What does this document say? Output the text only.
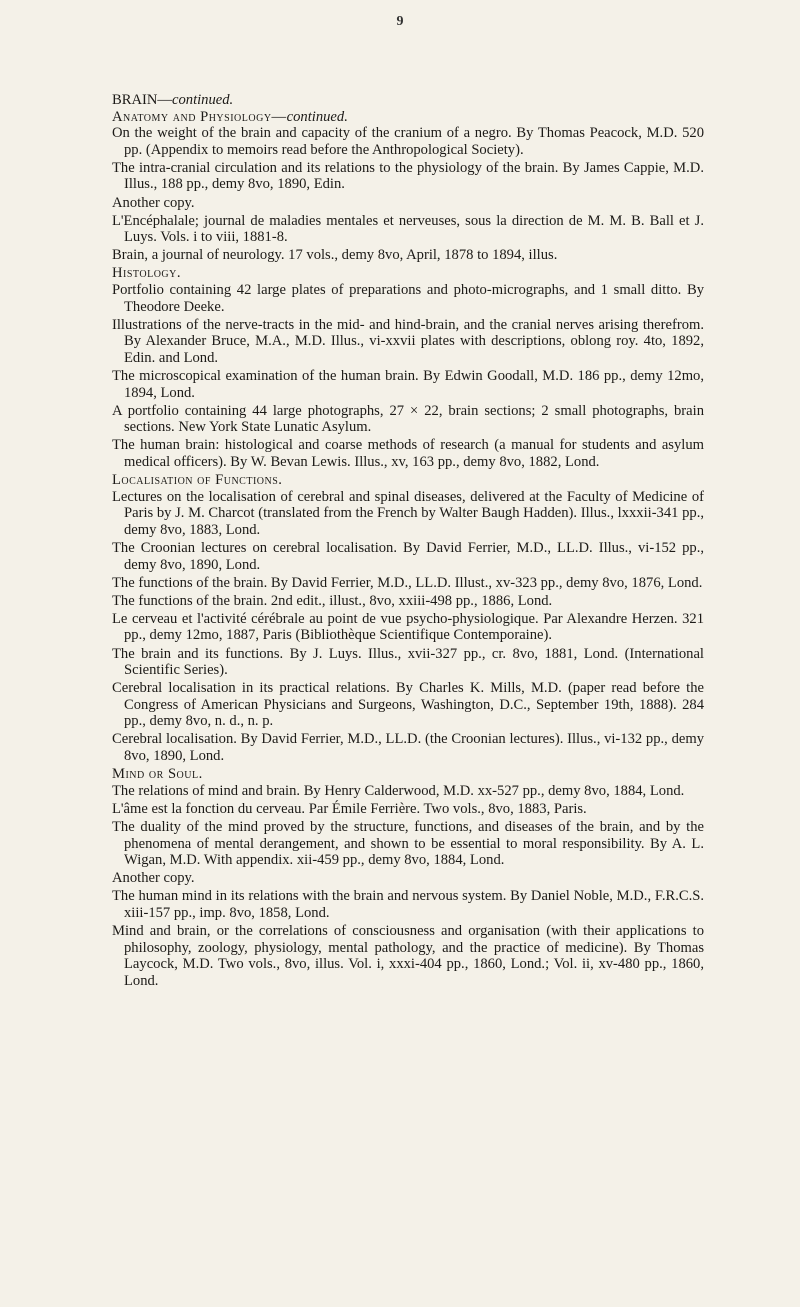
9
BRAIN—continued.
Anatomy and Physiology—continued.
On the weight of the brain and capacity of the cranium of a negro. By Thomas Peacock, M.D. 520 pp. (Appendix to memoirs read before the Anthropological Society).
The intra-cranial circulation and its relations to the physiology of the brain. By James Cappie, M.D. Illus., 188 pp., demy 8vo, 1890, Edin.
Another copy.
L'Encéphalale; journal de maladies mentales et nerveuses, sous la direction de M. M. B. Ball et J. Luys. Vols. i to viii, 1881-8.
Brain, a journal of neurology. 17 vols., demy 8vo, April, 1878 to 1894, illus.
Histology.
Portfolio containing 42 large plates of preparations and photo-micrographs, and 1 small ditto. By Theodore Deeke.
Illustrations of the nerve-tracts in the mid- and hind-brain, and the cranial nerves arising therefrom. By Alexander Bruce, M.A., M.D. Illus., vi-xxvii plates with descriptions, oblong roy. 4to, 1892, Edin. and Lond.
The microscopical examination of the human brain. By Edwin Goodall, M.D. 186 pp., demy 12mo, 1894, Lond.
A portfolio containing 44 large photographs, 27 × 22, brain sections; 2 small photographs, brain sections. New York State Lunatic Asylum.
The human brain: histological and coarse methods of research (a manual for students and asylum medical officers). By W. Bevan Lewis. Illus., xv, 163 pp., demy 8vo, 1882, Lond.
Localisation of Functions.
Lectures on the localisation of cerebral and spinal diseases, delivered at the Faculty of Medicine of Paris by J. M. Charcot (translated from the French by Walter Baugh Hadden). Illus., lxxxii-341 pp., demy 8vo, 1883, Lond.
The Croonian lectures on cerebral localisation. By David Ferrier, M.D., LL.D. Illus., vi-152 pp., demy 8vo, 1890, Lond.
The functions of the brain. By David Ferrier, M.D., LL.D. Illust., xv-323 pp., demy 8vo, 1876, Lond.
The functions of the brain. 2nd edit., illust., 8vo, xxiii-498 pp., 1886, Lond.
Le cerveau et l'activité cérébrale au point de vue psycho-physiologique. Par Alexandre Herzen. 321 pp., demy 12mo, 1887, Paris (Bibliothèque Scientifique Contemporaine).
The brain and its functions. By J. Luys. Illus., xvii-327 pp., cr. 8vo, 1881, Lond. (International Scientific Series).
Cerebral localisation in its practical relations. By Charles K. Mills, M.D. (paper read before the Congress of American Physicians and Surgeons, Washington, D.C., September 19th, 1888). 284 pp., demy 8vo, n. d., n. p.
Cerebral localisation. By David Ferrier, M.D., LL.D. (the Croonian lectures). Illus., vi-132 pp., demy 8vo, 1890, Lond.
Mind or Soul.
The relations of mind and brain. By Henry Calderwood, M.D. xx-527 pp., demy 8vo, 1884, Lond.
L'âme est la fonction du cerveau. Par Émile Ferrière. Two vols., 8vo, 1883, Paris.
The duality of the mind proved by the structure, functions, and diseases of the brain, and by the phenomena of mental derangement, and shown to be essential to moral responsibility. By A. L. Wigan, M.D. With appendix. xii-459 pp., demy 8vo, 1884, Lond.
Another copy.
The human mind in its relations with the brain and nervous system. By Daniel Noble, M.D., F.R.C.S. xiii-157 pp., imp. 8vo, 1858, Lond.
Mind and brain, or the correlations of consciousness and organisation (with their applications to philosophy, zoology, physiology, mental pathology, and the practice of medicine). By Thomas Laycock, M.D. Two vols., 8vo, illus. Vol. i, xxxi-404 pp., 1860, Lond.; Vol. ii, xv-480 pp., 1860, Lond.
